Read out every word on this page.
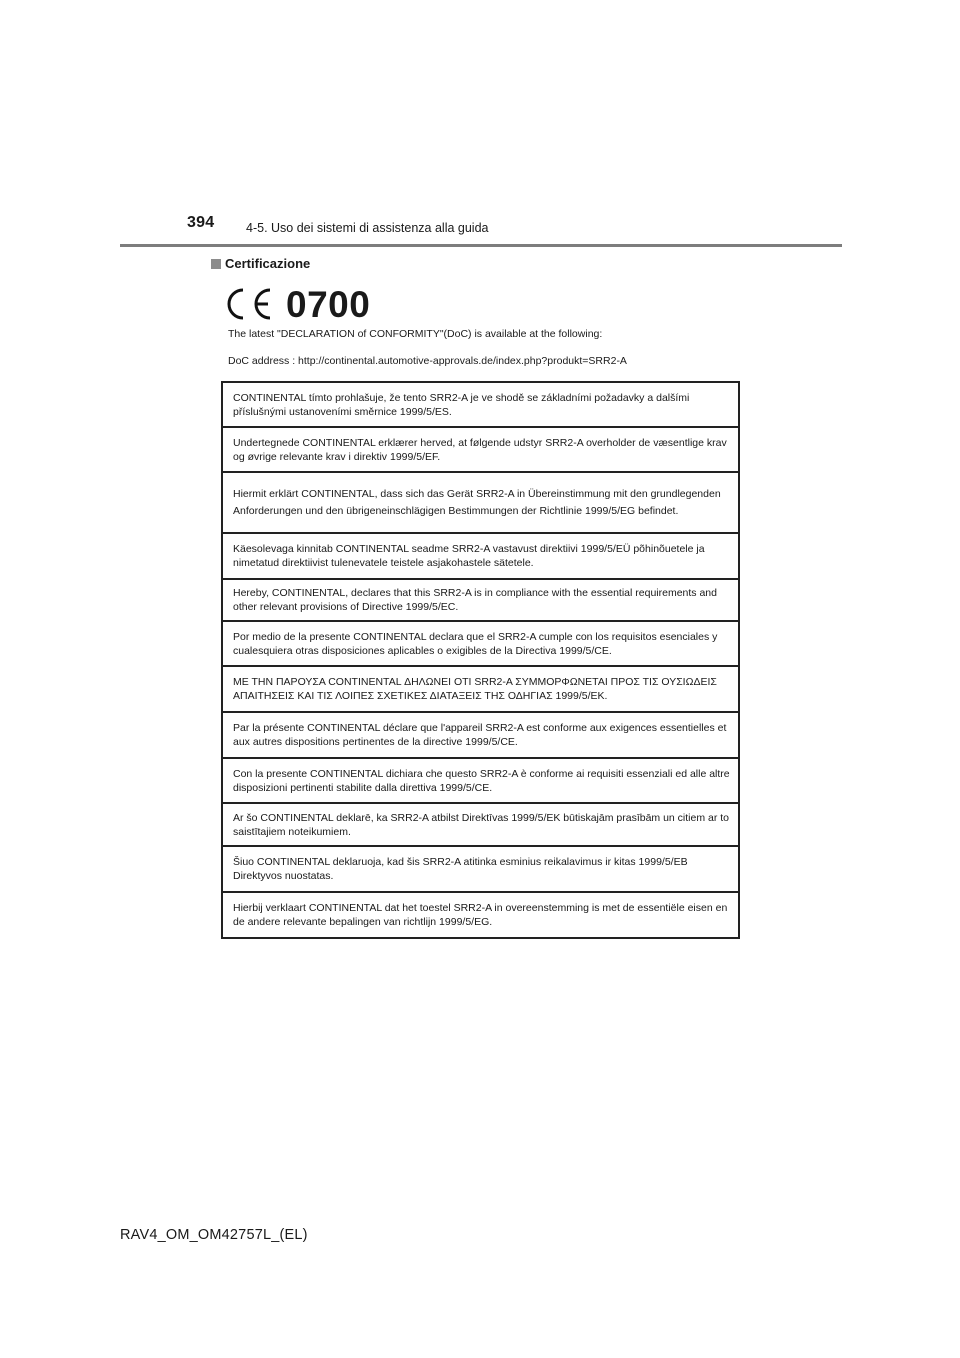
394	4-5. Uso dei sistemi di assistenza alla guida
Certificazione
0700
The latest "DECLARATION of CONFORMITY"(DoC) is available at the following:
DoC address : http://continental.automotive-approvals.de/index.php?produkt=SRR2-A
CONTINENTAL tímto prohlašuje, že tento SRR2-A je ve shodě se základními požadavky a dalšími příslušnými ustanoveními směrnice 1999/5/ES.
Undertegnede CONTINENTAL erklærer herved, at følgende udstyr SRR2-A overholder de væsentlige krav og øvrige relevante krav i direktiv 1999/5/EF.
Hiermit erklärt CONTINENTAL, dass sich das Gerät SRR2-A in Übereinstimmung mit den grundlegenden Anforderungen und den übrigeneinschlägigen Bestimmungen der Richtlinie 1999/5/EG befindet.
Käesolevaga kinnitab CONTINENTAL seadme SRR2-A vastavust direktiivi 1999/5/EÜ põhinõuetele ja nimetatud direktiivist tulenevatele teistele asjakohastele sätetele.
Hereby, CONTINENTAL, declares that this SRR2-A is in compliance with the essential requirements and other relevant provisions of Directive 1999/5/EC.
Por medio de la presente CONTINENTAL declara que el SRR2-A cumple con los requisitos esenciales y cualesquiera otras disposiciones aplicables o exigibles de la Directiva 1999/5/CE.
ΜΕ ΤΗΝ ΠΑΡΟΥΣΑ CONTINENTAL ΔΗΛΩΝΕΙ ΟΤΙ SRR2-A ΣΥΜΜΟΡΦΩΝΕΤΑΙ ΠΡΟΣ ΤΙΣ ΟΥΣΙΩΔΕΙΣ ΑΠΑΙΤΗΣΕΙΣ ΚΑΙ ΤΙΣ ΛΟΙΠΕΣ ΣΧΕΤΙΚΕΣ ΔΙΑΤΑΞΕΙΣ ΤΗΣ ΟΔΗΓΙΑΣ 1999/5/ΕΚ.
Par la présente CONTINENTAL déclare que l'appareil SRR2-A est conforme aux exigences essentielles et aux autres dispositions pertinentes de la directive 1999/5/CE.
Con la presente CONTINENTAL dichiara che questo SRR2-A è conforme ai requisiti essenziali ed alle altre disposizioni pertinenti stabilite dalla direttiva 1999/5/CE.
Ar šo CONTINENTAL deklarē, ka SRR2-A atbilst Direktīvas 1999/5/EK būtiskajām prasībām un citiem ar to saistītajiem noteikumiem.
Šiuo CONTINENTAL deklaruoja, kad šis SRR2-A atitinka esminius reikalavimus ir kitas 1999/5/EB Direktyvos nuostatas.
Hierbij verklaart CONTINENTAL dat het toestel SRR2-A in overeenstemming is met de essentiële eisen en de andere relevante bepalingen van richtlijn 1999/5/EG.
RAV4_OM_OM42757L_(EL)
